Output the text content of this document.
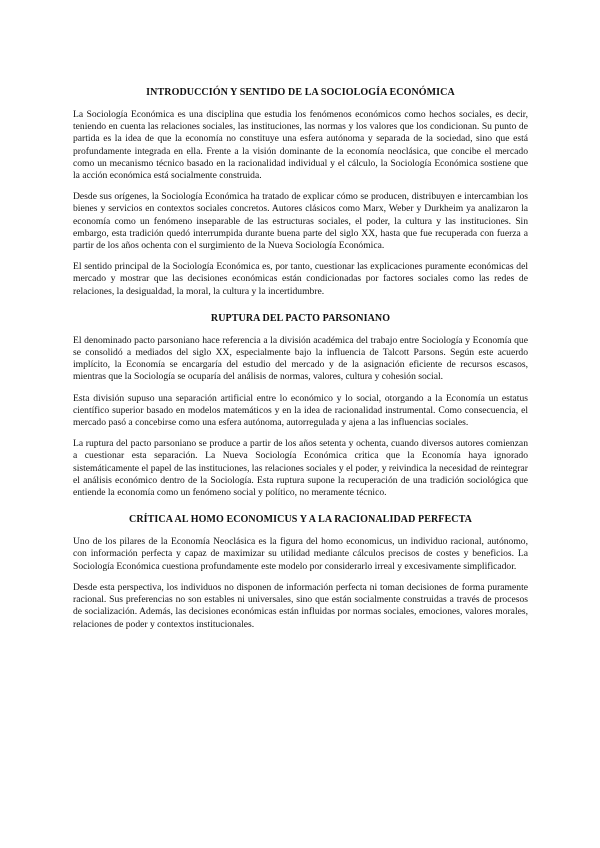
INTRODUCCIÓN Y SENTIDO DE LA SOCIOLOGÍA ECONÓMICA

La Sociología Económica es una disciplina que estudia los fenómenos económicos como hechos sociales, es decir, teniendo en cuenta las relaciones sociales, las instituciones, las normas y los valores que los condicionan. Su punto de partida es la idea de que la economía no constituye una esfera autónoma y separada de la sociedad, sino que está profundamente integrada en ella. Frente a la visión dominante de la economía neoclásica, que concibe el mercado como un mecanismo técnico basado en la racionalidad individual y el cálculo, la Sociología Económica sostiene que la acción económica está socialmente construida.

Desde sus orígenes, la Sociología Económica ha tratado de explicar cómo se producen, distribuyen e intercambian los bienes y servicios en contextos sociales concretos. Autores clásicos como Marx, Weber y Durkheim ya analizaron la economía como un fenómeno inseparable de las estructuras sociales, el poder, la cultura y las instituciones. Sin embargo, esta tradición quedó interrumpida durante buena parte del siglo XX, hasta que fue recuperada con fuerza a partir de los años ochenta con el surgimiento de la Nueva Sociología Económica.

El sentido principal de la Sociología Económica es, por tanto, cuestionar las explicaciones puramente económicas del mercado y mostrar que las decisiones económicas están condicionadas por factores sociales como las redes de relaciones, la desigualdad, la moral, la cultura y la incertidumbre.

RUPTURA DEL PACTO PARSONIANO

El denominado pacto parsoniano hace referencia a la división académica del trabajo entre Sociología y Economía que se consolidó a mediados del siglo XX, especialmente bajo la influencia de Talcott Parsons. Según este acuerdo implícito, la Economía se encargaría del estudio del mercado y de la asignación eficiente de recursos escasos, mientras que la Sociología se ocuparía del análisis de normas, valores, cultura y cohesión social.

Esta división supuso una separación artificial entre lo económico y lo social, otorgando a la Economía un estatus científico superior basado en modelos matemáticos y en la idea de racionalidad instrumental. Como consecuencia, el mercado pasó a concebirse como una esfera autónoma, autorregulada y ajena a las influencias sociales.

La ruptura del pacto parsoniano se produce a partir de los años setenta y ochenta, cuando diversos autores comienzan a cuestionar esta separación. La Nueva Sociología Económica critica que la Economía haya ignorado sistemáticamente el papel de las instituciones, las relaciones sociales y el poder, y reivindica la necesidad de reintegrar el análisis económico dentro de la Sociología. Esta ruptura supone la recuperación de una tradición sociológica que entiende la economía como un fenómeno social y político, no meramente técnico.

CRÍTICA AL HOMO ECONOMICUS Y A LA RACIONALIDAD PERFECTA

Uno de los pilares de la Economía Neoclásica es la figura del homo economicus, un individuo racional, autónomo, con información perfecta y capaz de maximizar su utilidad mediante cálculos precisos de costes y beneficios. La Sociología Económica cuestiona profundamente este modelo por considerarlo irreal y excesivamente simplificador.

Desde esta perspectiva, los individuos no disponen de información perfecta ni toman decisiones de forma puramente racional. Sus preferencias no son estables ni universales, sino que están socialmente construidas a través de procesos de socialización. Además, las decisiones económicas están influidas por normas sociales, emociones, valores morales, relaciones de poder y contextos institucionales.
